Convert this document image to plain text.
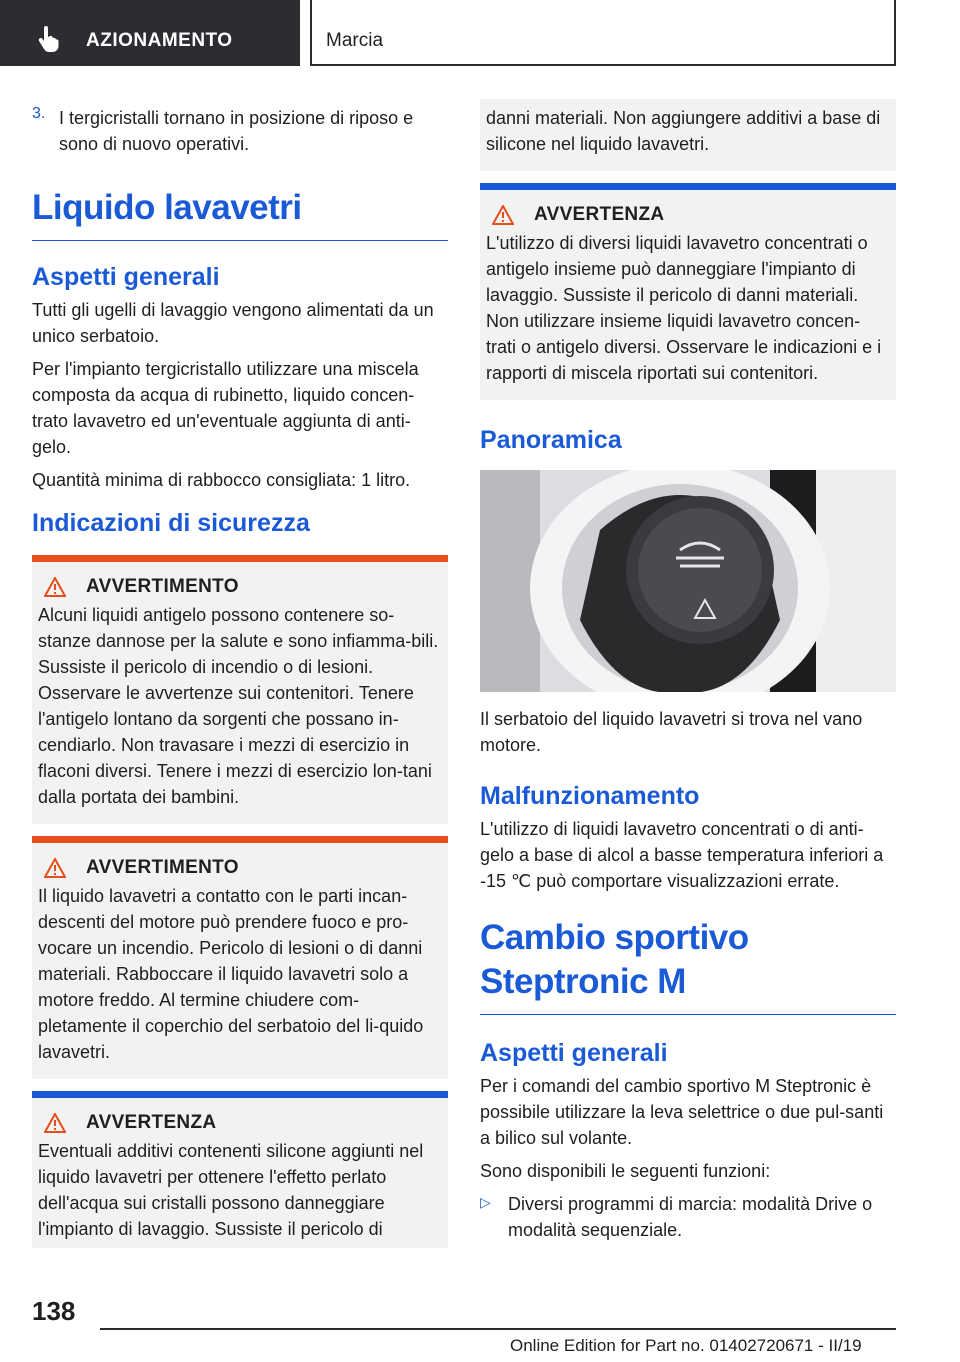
AZIONAMENTO	Marcia
3. I tergicristalli tornano in posizione di riposo e sono di nuovo operativi.

Liquido lavavetri
Aspetti generali

Tutti gli ugelli di lavaggio vengono alimentati da un unico serbatoio.

Per l'impianto tergicristallo utilizzare una miscela composta da acqua di rubinetto, liquido concen-trato lavavetro ed un'eventuale aggiunta di anti-gelo.

Quantità minima di rabbocco consigliata: 1 litro.

Indicazioni di sicurezza
AVVERTIMENTO

Alcuni liquidi antigelo possono contenere so-stanze dannose per la salute e sono infiamma-bili. Sussiste il pericolo di incendio o di lesioni. Osservare le avvertenze sui contenitori. Tenere l'antigelo lontano da sorgenti che possano in-cendiarlo. Non travasare i mezzi di esercizio in flaconi diversi. Tenere i mezzi di esercizio lon-tani dalla portata dei bambini.

AVVERTIMENTO

Il liquido lavavetri a contatto con le parti incan-descenti del motore può prendere fuoco e pro-vocare un incendio. Pericolo di lesioni o di danni materiali. Rabboccare il liquido lavavetri solo a motore freddo. Al termine chiudere com-pletamente il coperchio del serbatoio del li-quido lavavetri.

AVVERTENZA

Eventuali additivi contenenti silicone aggiunti nel liquido lavavetri per ottenere l'effetto perlato dell'acqua sui cristalli possono danneggiare l'impianto di lavaggio. Sussiste il pericolo di

danni materiali. Non aggiungere additivi a base di silicone nel liquido lavavetri.

AVVERTENZA

L'utilizzo di diversi liquidi lavavetro concentrati o antigelo insieme può danneggiare l'impianto di lavaggio. Sussiste il pericolo di danni materiali. Non utilizzare insieme liquidi lavavetro concen-trati o antigelo diversi. Osservare le indicazioni e i rapporti di miscela riportati sui contenitori.

Panoramica

Il serbatoio del liquido lavavetri si trova nel vano motore.

Malfunzionamento

L'utilizzo di liquidi lavavetro concentrati o di anti-gelo a base di alcol a basse temperatura inferiori a -15 ℃ può comportare visualizzazioni errate.

Cambio sportivo Steptronic M
Aspetti generali

Per i comandi del cambio sportivo M Steptronic è possibile utilizzare la leva selettrice o due pul-santi a bilico sul volante.

Sono disponibili le seguenti funzioni:

▷ Diversi programmi di marcia: modalità Drive o modalità sequenziale.

138
Online Edition for Part no. 01402720671 - II/19
